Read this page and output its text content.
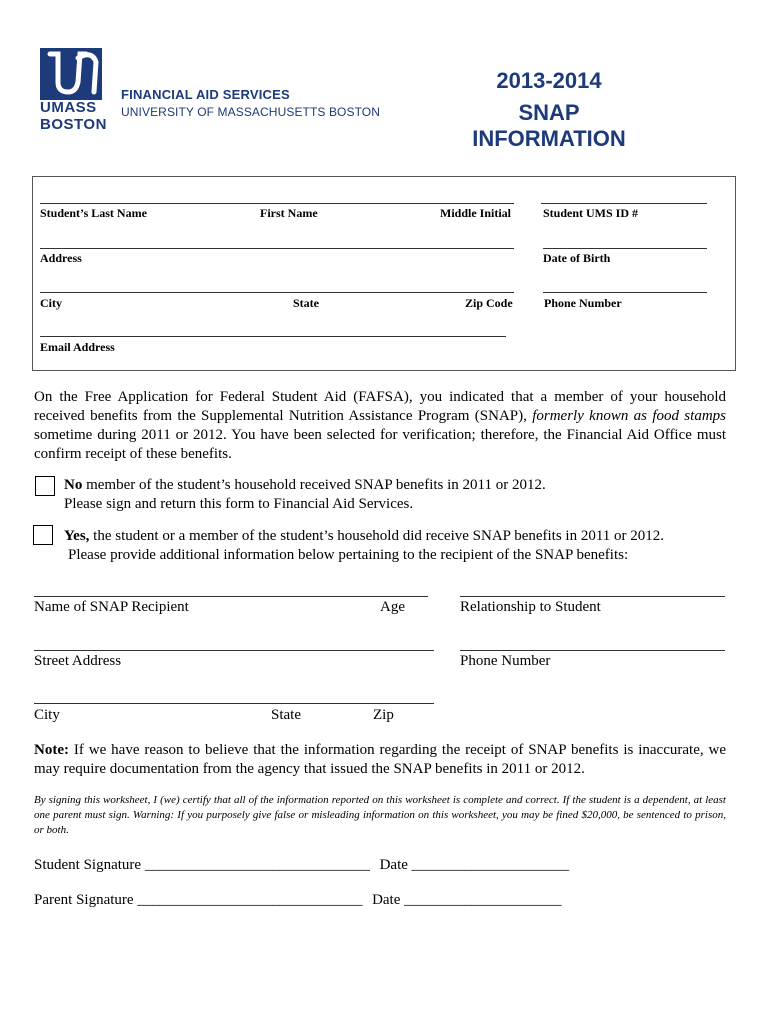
UMASS
BOSTON
FINANCIAL AID SERVICES
UNIVERSITY OF MASSACHUSETTS BOSTON
2013-2014
SNAP INFORMATION
Student’s Last Name	First Name	Middle Initial	Student UMS ID #
Address	Date of Birth
City	State	Zip Code	Phone Number
Email Address
On the Free Application for Federal Student Aid (FAFSA), you indicated that a member of your household received benefits from the Supplemental Nutrition Assistance Program (SNAP), formerly known as food stamps sometime during 2011 or 2012. You have been selected for verification; therefore, the Financial Aid Office must confirm receipt of these benefits.
No member of the student’s household received SNAP benefits in 2011 or 2012.
Please sign and return this form to Financial Aid Services.
Yes, the student or a member of the student’s household did receive SNAP benefits in 2011 or 2012.
Please provide additional information below pertaining to the recipient of the SNAP benefits:
Name of SNAP Recipient	Age	Relationship to Student
Street Address	Phone Number
City	State	Zip
Note: If we have reason to believe that the information regarding the receipt of SNAP benefits is inaccurate, we may require documentation from the agency that issued the SNAP benefits in 2011 or 2012.
By signing this worksheet, I (we) certify that all of the information reported on this worksheet is complete and correct. If the student is a dependent, at least one parent must sign. Warning: If you purposely give false or misleading information on this worksheet, you may be fined $20,000, be sentenced to prison, or both.
Student Signature ______________________________ Date _____________________
Parent Signature ______________________________ Date _____________________
